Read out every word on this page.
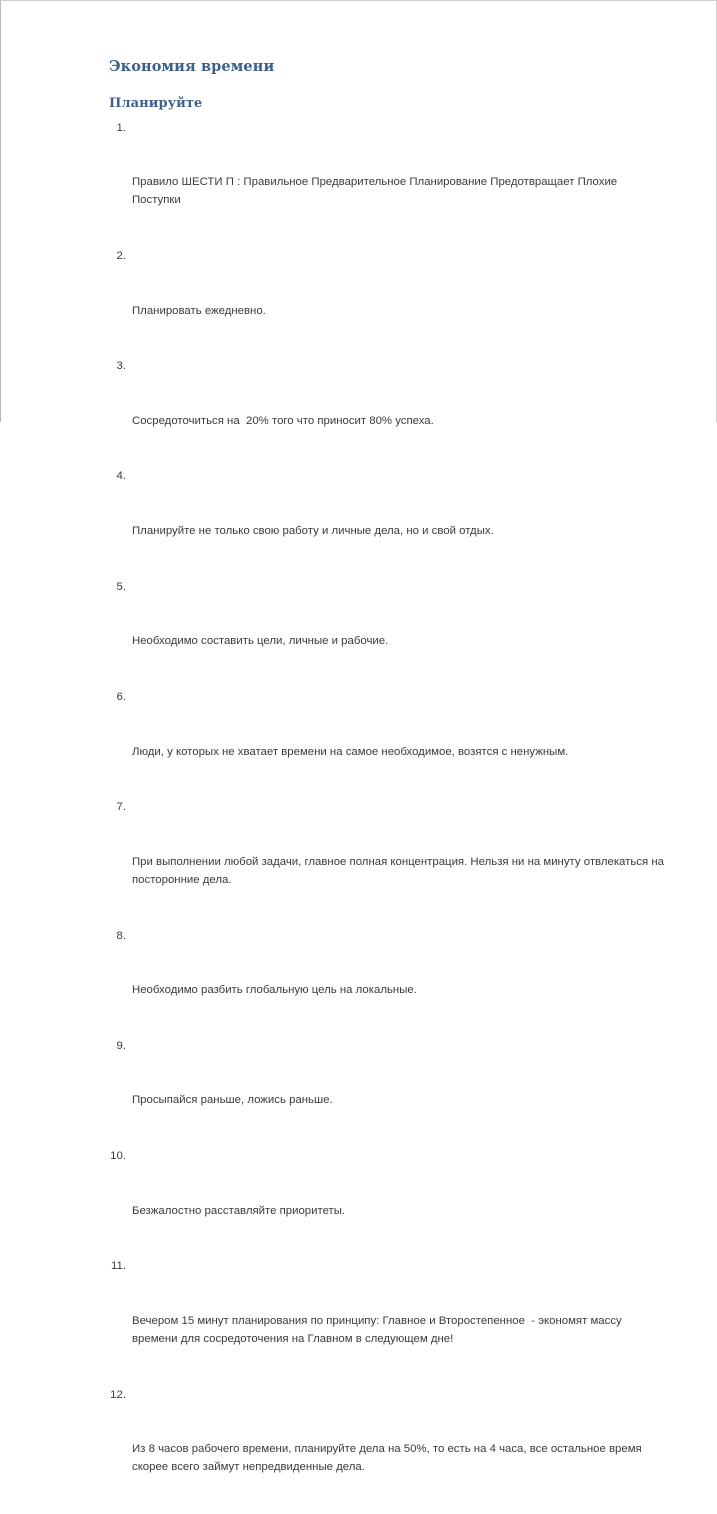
Экономия времени
Планируйте

1.

Правило ШЕСТИ П : Правильное Предварительное Планирование Предотвращает Плохие Поступки

2.

Планировать ежедневно.

3.

Сосредоточиться на  20% того что приносит 80% успеха.

4.

Планируйте не только свою работу и личные дела, но и свой отдых.

5.

Необходимо составить цели, личные и рабочие.

6.

Люди, у которых не хватает времени на самое необходимое, возятся с ненужным.

7.

При выполнении любой задачи, главное полная концентрация. Нельзя ни на минуту отвлекаться на посторонние дела.

8.

Необходимо разбить глобальную цель на локальные.

9.

Просыпайся раньше, ложись раньше.

10.

Безжалостно расставляйте приоритеты.

11.

Вечером 15 минут планирования по принципу: Главное и Второстепенное  - экономят массу времени для сосредоточения на Главном в следующем дне!

12.

Из 8 часов рабочего времени, планируйте дела на 50%, то есть на 4 часа, все остальное время скорее всего займут непредвиденные дела.
